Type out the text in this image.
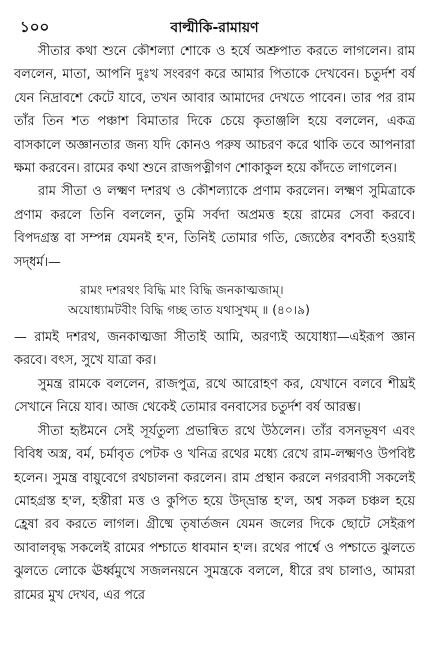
১০০	বাল্মীকি-রামায়ণ

সীতার কথা শুনে কৌশল্যা শোকে ও হর্ষে অশ্রুপাত করতে লাগলেন। রাম বললেন, মাতা, আপনি দুঃখ সংবরণ করে আমার পিতাকে দেখবেন। চতুর্দশ বর্ষ যেন নিদ্রাবশে কেটে যাবে, তখন আবার আমাদের দেখতে পাবেন। তার পর রাম তাঁর তিন শত পঞ্চাশ বিমাতার দিকে চেয়ে কৃতাঞ্জলি হয়ে বললেন, একত্র বাসকালে অজ্ঞানতার জন্য যদি কোনও পরুষ আচরণ করে থাকি তবে আপনারা ক্ষমা করবেন। রামের কথা শুনে রাজপত্নীগণ শোকাকুল হয়ে কাঁদতে লাগলেন।

রাম সীতা ও লক্ষ্মণ দশরথ ও কৌশল্যাকে প্রণাম করলেন। লক্ষ্মণ সুমিত্রাকে প্রণাম করলে তিনি বললেন, তুমি সর্বদা অপ্রমত্ত হয়ে রামের সেবা করবে। বিপদগ্রস্ত বা সম্পন্ন যেমনই হ'ন, তিনিই তোমার গতি, জ্যেষ্ঠের বশবর্তী হওয়াই সদ্‌ধর্ম।—

রামং দশরথং বিদ্ধি মাং বিদ্ধি জনকাত্মজাম্‌।
অযোধ্যামটবীং বিদ্ধি গচ্ছ তাত যথাসুখম্‌ ॥ (৪০।৯)

— রামই দশরথ, জনকাত্মজা সীতাই আমি, অরণ্যই অযোধ্যা—এইরূপ জ্ঞান করবে। বৎস, সুখে যাত্রা কর।

সুমন্ত্র রামকে বললেন, রাজপুত্র, রথে আরোহণ কর, যেখানে বলবে শীঘ্রই সেখানে নিয়ে যাব। আজ থেকেই তোমার বনবাসের চতুর্দশ বর্ষ আরম্ভ।

সীতা হৃষ্টমনে সেই সূর্যতুল্য প্রভান্বিত রথে উঠলেন। তাঁর বসনভূষণ এবং বিবিধ অস্ত্র, বর্ম, চর্মাবৃত পেটক ও খনিত্র রথের মধ্যে রেখে রাম-লক্ষ্মণও উপবিষ্ট হলেন। সুমন্ত্র বায়ুবেগে রথচালনা করলেন। রাম প্রস্থান করলে নগরবাসী সকলেই মোহগ্রস্ত হ'ল, হস্তীরা মত্ত ও কুপিত হয়ে উদ্‌ভ্রান্ত হ'ল, অশ্ব সকল চঞ্চল হয়ে হ্রেষা রব করতে লাগল। গ্রীষ্মে তৃষার্তজন যেমন জলের দিকে ছোটে সেইরূপ আবালবৃদ্ধ সকলেই রামের পশ্চাতে ধাবমান হ'ল। রথের পার্শ্বে ও পশ্চাতে ঝুলতে ঝুলতে লোকে ঊর্ধ্বমুখে সজলনয়নে সুমন্ত্রকে বললে, ধীরে রথ চালাও, আমরা রামের মুখ দেখব, এর পরে
